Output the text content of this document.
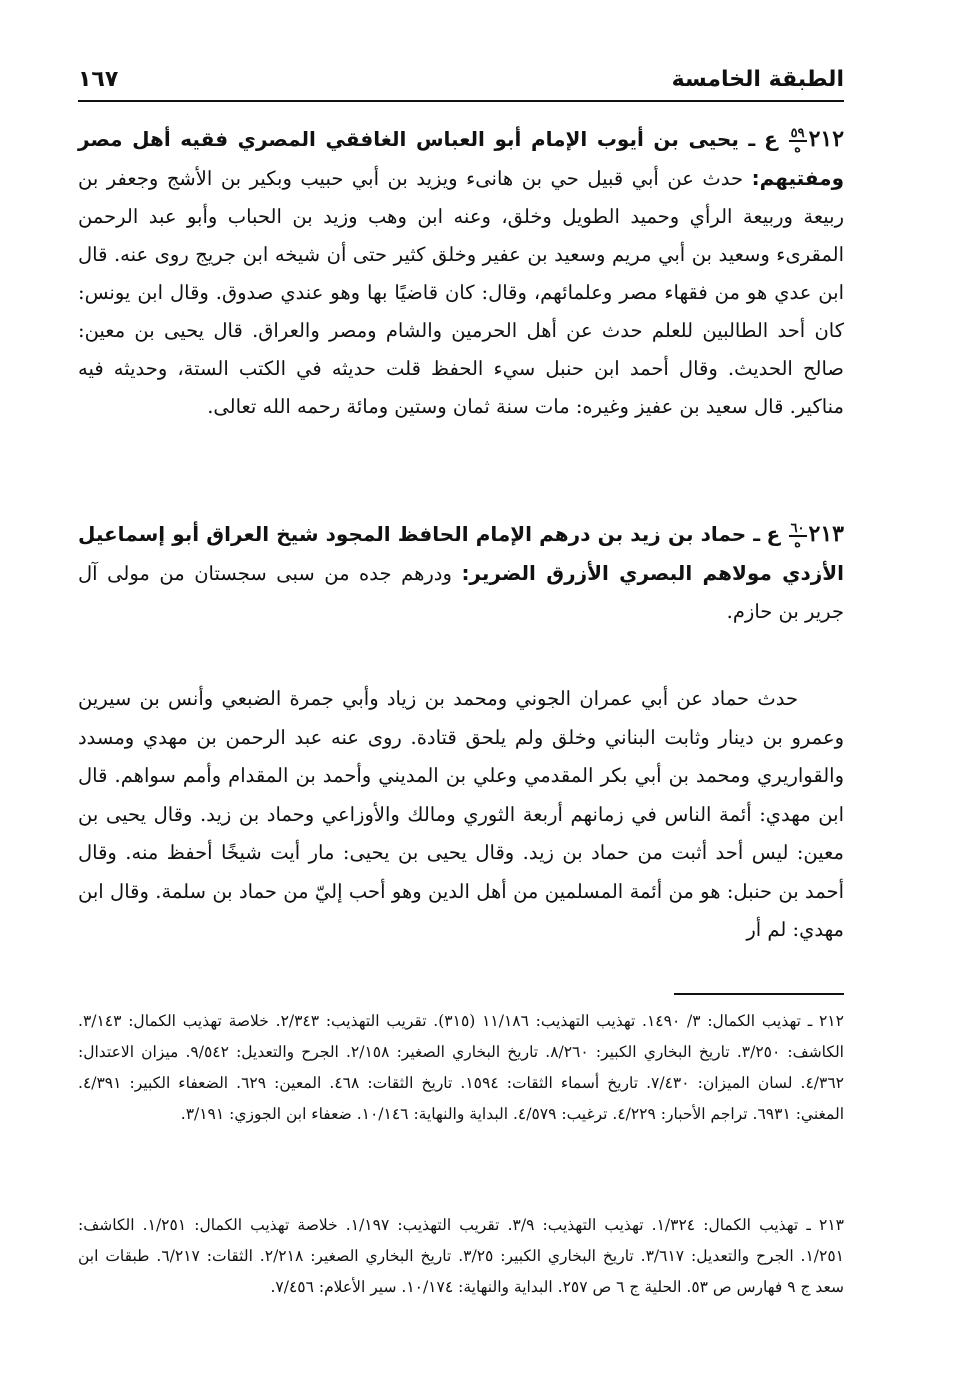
الطبقة الخامسة
١٦٧
٢١٢
٥٩
ه
ع ـ يحيى بن أيوب الإمام أبو العباس الغافقي المصري فقيه أهل مصر ومفتيهم: حدث عن أبي قبيل حي بن هانىء ويزيد بن أبي حبيب وبكير بن الأشج وجعفر بن ربيعة وربيعة الرأي وحميد الطويل وخلق، وعنه ابن وهب وزيد بن الحباب وأبو عبد الرحمن المقرىء وسعيد بن أبي مريم وسعيد بن عفير وخلق كثير حتى أن شيخه ابن جريج روى عنه. قال ابن عدي هو من فقهاء مصر وعلمائهم، وقال: كان قاضيًا بها وهو عندي صدوق. وقال ابن يونس: كان أحد الطالبين للعلم حدث عن أهل الحرمين والشام ومصر والعراق. قال يحيى بن معين: صالح الحديث. وقال أحمد ابن حنبل سيء الحفظ قلت حديثه في الكتب الستة، وحديثه فيه مناكير. قال سعيد بن عفيز وغيره: مات سنة ثمان وستين ومائة رحمه الله تعالى.
٢١٣
٦٠
ه
ع ـ حماد بن زيد بن درهم الإمام الحافظ المجود شيخ العراق أبو إسماعيل الأزدي مولاهم البصري الأزرق الضرير: ودرهم جده من سبى سجستان من مولى آل جرير بن حازم.
حدث حماد عن أبي عمران الجوني ومحمد بن زياد وأبي جمرة الضبعي وأنس بن سيرين وعمرو بن دينار وثابت البناني وخلق ولم يلحق قتادة. روى عنه عبد الرحمن بن مهدي ومسدد والقواريري ومحمد بن أبي بكر المقدمي وعلي بن المديني وأحمد بن المقدام وأمم سواهم. قال ابن مهدي: أئمة الناس في زمانهم أربعة الثوري ومالك والأوزاعي وحماد بن زيد. وقال يحيى بن معين: ليس أحد أثبت من حماد بن زيد. وقال يحيى بن يحيى: مار أيت شيخًا أحفظ منه. وقال أحمد بن حنبل: هو من أئمة المسلمين من أهل الدين وهو أحب إليّ من حماد بن سلمة. وقال ابن مهدي: لم أر
٢١٢ ـ تهذيب الكمال: ٣/ ١٤٩٠. تهذيب التهذيب: ١١/١٨٦ (٣١٥). تقريب التهذيب: ٢/٣٤٣. خلاصة تهذيب الكمال: ٣/١٤٣. الكاشف: ٣/٢٥٠. تاريخ البخاري الكبير: ٨/٢٦٠. تاريخ البخاري الصغير: ٢/١٥٨. الجرح والتعديل: ٩/٥٤٢. ميزان الاعتدال: ٤/٣٦٢. لسان الميزان: ٧/٤٣٠. تاريخ أسماء الثقات: ١٥٩٤. تاريخ الثقات: ٤٦٨. المعين: ٦٢٩. الضعفاء الكبير: ٤/٣٩١. المغني: ٦٩٣١. تراجم الأحبار: ٤/٢٢٩. ترغيب: ٤/٥٧٩. البداية والنهاية: ١٠/١٤٦. ضعفاء ابن الجوزي: ٣/١٩١.
٢١٣ ـ تهذيب الكمال: ١/٣٢٤. تهذيب التهذيب: ٣/٩. تقريب التهذيب: ١/١٩٧. خلاصة تهذيب الكمال: ١/٢٥١. الكاشف: ١/٢٥١. الجرح والتعديل: ٣/٦١٧. تاريخ البخاري الكبير: ٣/٢٥. تاريخ البخاري الصغير: ٢/٢١٨. الثقات: ٦/٢١٧. طبقات ابن سعد ج ٩ فهارس ص ٥٣. الحلية ج ٦ ص ٢٥٧. البداية والنهاية: ١٠/١٧٤. سير الأعلام: ٧/٤٥٦.
